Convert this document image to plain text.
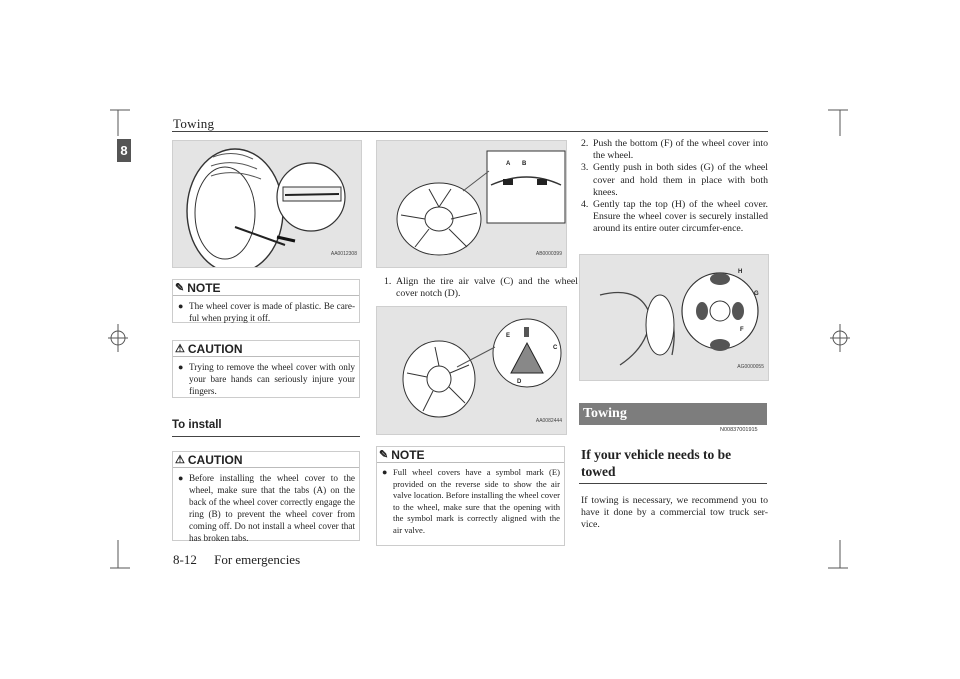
Towing
8
AA0012308
✎ NOTE
● The wheel cover is made of plastic. Be care-ful when prying it off.
⚠ CAUTION
● Trying to remove the wheel cover with only your bare hands can seriously injure your fingers.
To install
⚠ CAUTION
● Before installing the wheel cover to the wheel, make sure that the tabs (A) on the back of the wheel cover correctly engage the ring (B) to prevent the wheel cover from coming off. Do not install a wheel cover that has broken tabs.
A B
AB0000399
1. Align the tire air valve (C) and the wheel cover notch (D).
E
C
D
AA0082444
✎ NOTE
● Full wheel covers have a symbol mark (E) provided on the reverse side to show the air valve location. Before installing the wheel cover to the wheel, make sure that the opening with the symbol mark is correctly aligned with the air valve.
2. Push the bottom (F) of the wheel cover into the wheel.
3. Gently push in both sides (G) of the wheel cover and hold them in place with both knees.
4. Gently tap the top (H) of the wheel cover. Ensure the wheel cover is securely installed around its entire outer circumfer-ence.
H
G
F
AG0000055
Towing
N00837001915
If your vehicle needs to be towed
If towing is necessary, we recommend you to have it done by a commercial tow truck ser-vice.
8-12 For emergencies
